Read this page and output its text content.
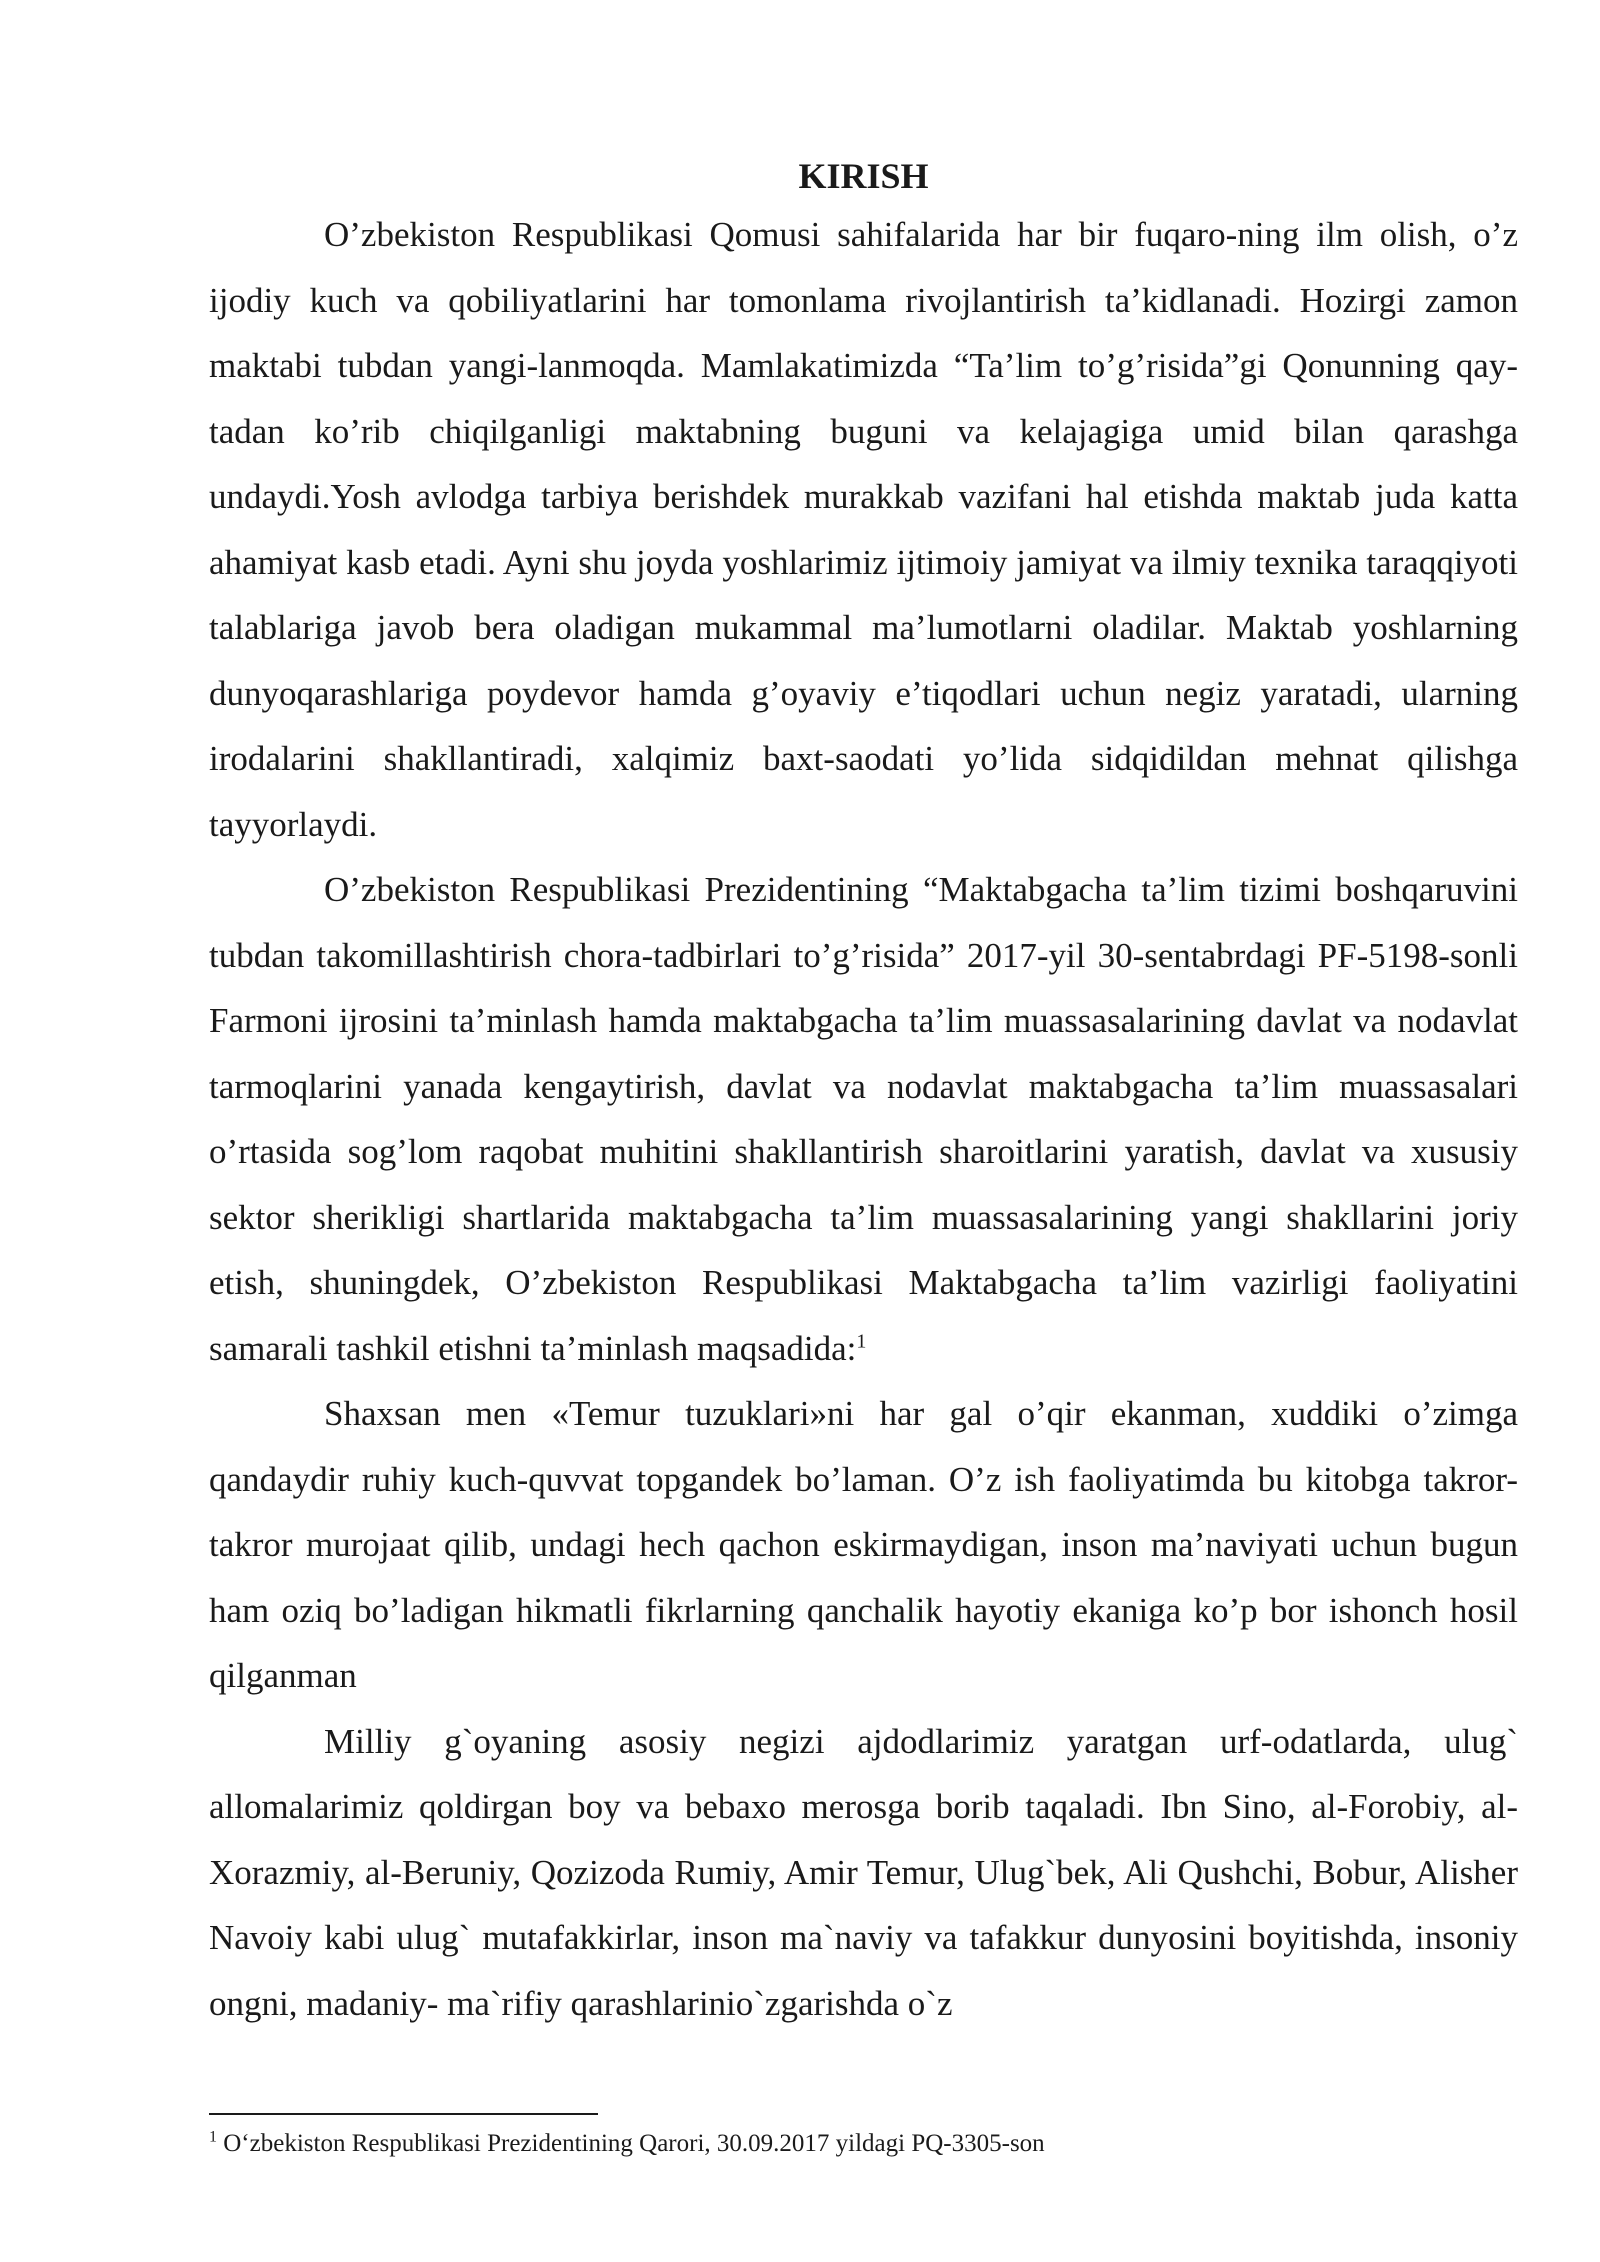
KIRISH

O’zbekiston Respublikasi Qomusi sahifalarida har bir fuqaro-ning ilm olish, o’z ijodiy kuch va qobiliyatlarini har tomonlama rivojlantirish ta’kidlanadi. Hozirgi zamon maktabi tubdan yangi-lanmoqda. Mamlakatimizda “Ta’lim to’g’risida”gi Qonunning qay-tadan ko’rib chiqilganligi maktabning buguni va kelajagiga umid bilan qarashga undaydi.Yosh avlodga tarbiya berishdek murakkab vazifani hal etishda maktab juda katta ahamiyat kasb etadi. Ayni shu joyda yoshlarimiz ijtimoiy jamiyat va ilmiy texnika taraqqiyoti talablariga javob bera oladigan mukammal ma’lumotlarni oladilar. Maktab yoshlarning dunyoqarashlariga poydevor hamda g’oyaviy e’tiqodlari uchun negiz yaratadi, ularning irodalarini shakllantiradi, xalqimiz baxt-saodati yo’lida sidqidildan mehnat qilishga tayyorlaydi.

O’zbekiston Respublikasi Prezidentining “Maktabgacha ta’lim tizimi boshqaruvini tubdan takomillashtirish chora-tadbirlari to’g’risida” 2017-yil 30-sentabrdagi PF-5198-sonli Farmoni ijrosini ta’minlash hamda maktabgacha ta’lim muassasalarining davlat va nodavlat tarmoqlarini yanada kengaytirish, davlat va nodavlat maktabgacha ta’lim muassasalari o’rtasida sog’lom raqobat muhitini shakllantirish sharoitlarini yaratish, davlat va xususiy sektor sherikligi shartlarida maktabgacha ta’lim muassasalarining yangi shakllarini joriy etish, shuningdek, O’zbekiston Respublikasi Maktabgacha ta’lim vazirligi faoliyatini samarali tashkil etishni ta’minlash maqsadida:$^1$

Shaxsan men «Temur tuzuklari»ni har gal o’qir ekanman, xuddiki o’zimga qandaydir ruhiy kuch-quvvat topgandek bo’laman. O’z ish faoliyatimda bu kitobga takror-takror murojaat qilib, undagi hech qachon eskirmaydigan, inson ma’naviyati uchun bugun ham oziq bo’ladigan hikmatli fikrlarning qanchalik hayotiy ekaniga ko’p bor ishonch hosil qilganman

Milliy g`oyaning asosiy negizi ajdodlarimiz yaratgan urf-odatlarda, ulug` allomalarimiz qoldirgan boy va bebaxo merosga borib taqaladi. Ibn Sino, al-Forobiy, al-Xorazmiy, al-Beruniy, Qozizoda Rumiy, Amir Temur, Ulug`bek, Ali Qushchi, Bobur, Alisher Navoiy kabi ulug` mutafakkirlar, inson ma`naviy va tafakkur dunyosini boyitishda, insoniy ongni, madaniy- ma`rifiy qarashlarinio`zgarishda o`z

$^1$ O‘zbekiston Respublikasi Prezidentining Qarori, 30.09.2017 yildagi PQ-3305-son
